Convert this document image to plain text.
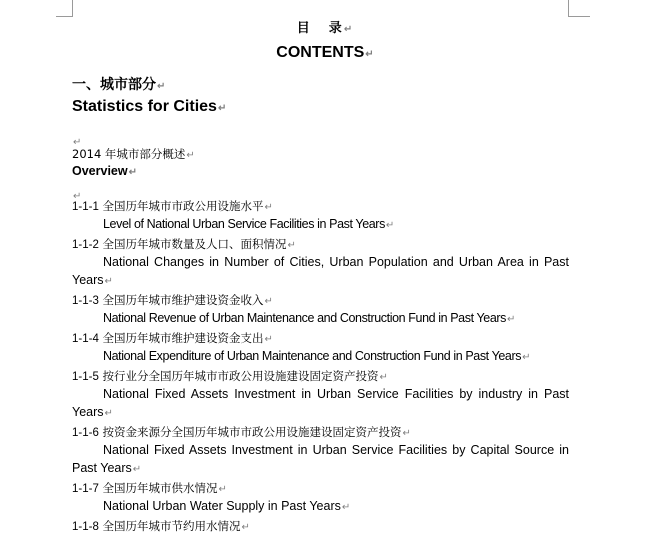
目 录↵
CONTENTS↵
一、城市部分↵
Statistics for Cities↵
↵
2014 年城市部分概述↵
Overview↵
↵
1-1-1 全国历年城市市政公用设施水平↵
Level of National Urban Service Facilities in Past Years↵
1-1-2 全国历年城市数量及人口、面积情况↵
National Changes in Number of Cities, Urban Population and Urban Area in Past Years↵
1-1-3 全国历年城市维护建设资金收入↵
National Revenue of Urban Maintenance and Construction Fund in Past Years↵
1-1-4 全国历年城市维护建设资金支出↵
National Expenditure of Urban Maintenance and Construction Fund in Past Years↵
1-1-5 按行业分全国历年城市市政公用设施建设固定资产投资↵
National Fixed Assets Investment in Urban Service Facilities by industry in Past Years↵
1-1-6 按资金来源分全国历年城市市政公用设施建设固定资产投资↵
National Fixed Assets Investment in Urban Service Facilities by Capital Source in Past Years↵
1-1-7 全国历年城市供水情况↵
National Urban Water Supply in Past Years↵
1-1-8 全国历年城市节约用水情况↵
